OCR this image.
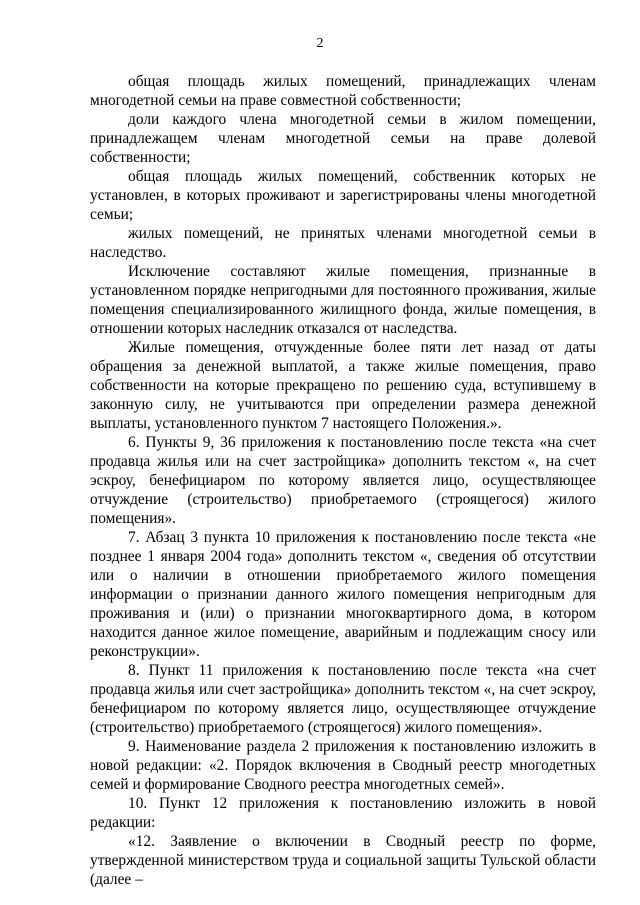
2

общая площадь жилых помещений, принадлежащих членам многодетной семьи на праве совместной собственности;

доли каждого члена многодетной семьи в жилом помещении, принадлежащем членам многодетной семьи на праве долевой собственности;

общая площадь жилых помещений, собственник которых не установлен, в которых проживают и зарегистрированы члены многодетной семьи;

жилых помещений, не принятых членами многодетной семьи в наследство.

Исключение составляют жилые помещения, признанные в установленном порядке непригодными для постоянного проживания, жилые помещения специализированного жилищного фонда, жилые помещения, в отношении которых наследник отказался от наследства.

Жилые помещения, отчужденные более пяти лет назад от даты обращения за денежной выплатой, а также жилые помещения, право собственности на которые прекращено по решению суда, вступившему в законную силу, не учитываются при определении размера денежной выплаты, установленного пунктом 7 настоящего Положения.».

6. Пункты 9, 36 приложения к постановлению после текста «на счет продавца жилья или на счет застройщика» дополнить текстом «, на счет эскроу, бенефициаром по которому является лицо, осуществляющее отчуждение (строительство) приобретаемого (строящегося) жилого помещения».

7. Абзац 3 пункта 10 приложения к постановлению после текста «не позднее 1 января 2004 года» дополнить текстом «, сведения об отсутствии или о наличии в отношении приобретаемого жилого помещения информации о признании данного жилого помещения непригодным для проживания и (или) о признании многоквартирного дома, в котором находится данное жилое помещение, аварийным и подлежащим сносу или реконструкции».

8. Пункт 11 приложения к постановлению после текста «на счет продавца жилья или счет застройщика» дополнить текстом «, на счет эскроу, бенефициаром по которому является лицо, осуществляющее отчуждение (строительство) приобретаемого (строящегося) жилого помещения».

9. Наименование раздела 2 приложения к постановлению изложить в новой редакции: «2. Порядок включения в Сводный реестр многодетных семей и формирование Сводного реестра многодетных семей».

10. Пункт 12 приложения к постановлению изложить в новой редакции:

«12. Заявление о включении в Сводный реестр по форме, утвержденной министерством труда и социальной защиты Тульской области (далее –
